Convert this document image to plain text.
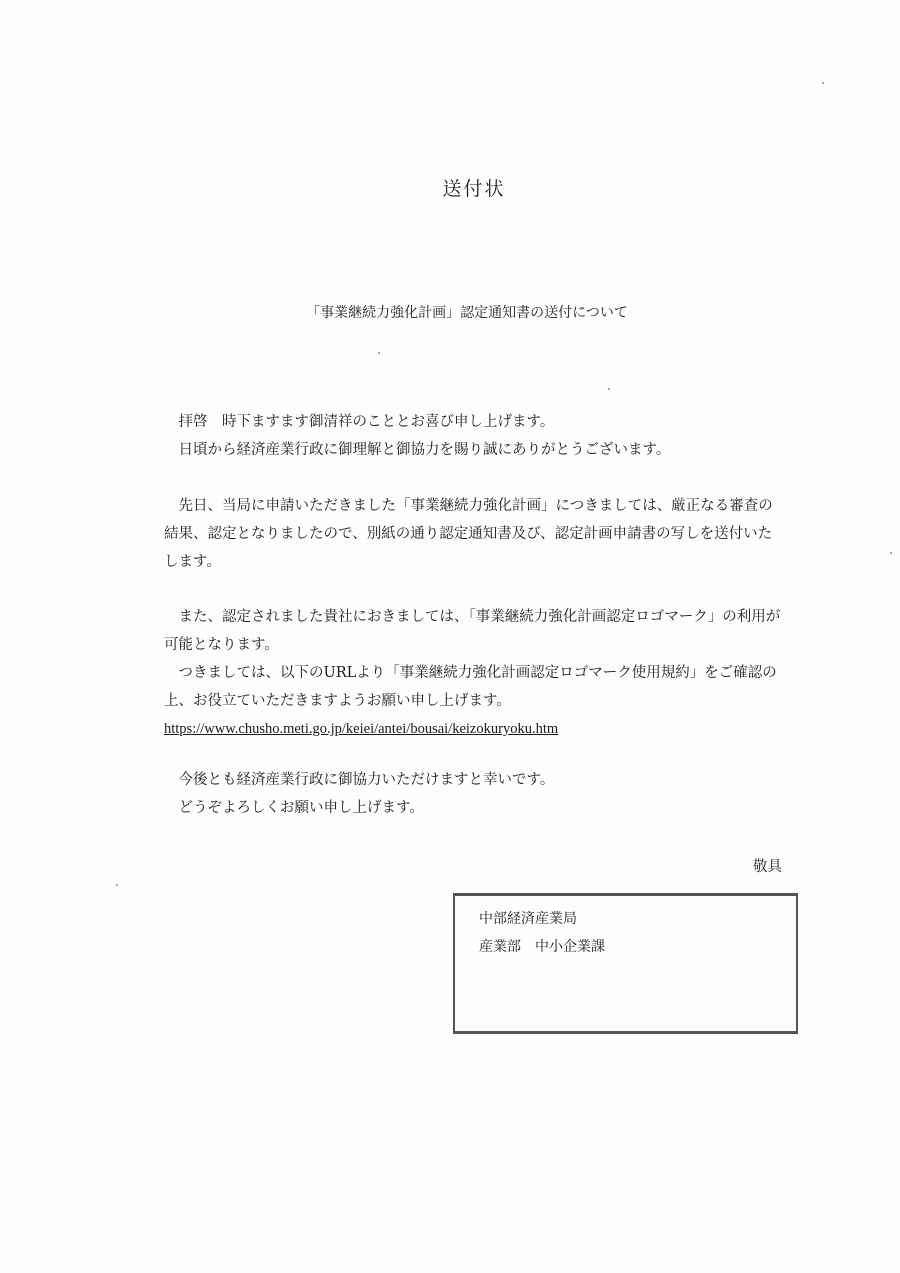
送付状
「事業継続力強化計画」認定通知書の送付について

拝啓　時下ますます御清祥のこととお喜び申し上げます。

日頃から経済産業行政に御理解と御協力を賜り誠にありがとうございます。

先日、当局に申請いただきました「事業継続力強化計画」につきましては、厳正なる審査の結果、認定となりましたので、別紙の通り認定通知書及び、認定計画申請書の写しを送付いたします。

また、認定されました貴社におきましては、「事業継続力強化計画認定ロゴマーク」の利用が可能となります。

つきましては、以下のURLより「事業継続力強化計画認定ロゴマーク使用規約」をご確認の上、お役立ていただきますようお願い申し上げます。

https://www.chusho.meti.go.jp/keiei/antei/bousai/keizokuryoku.htm

今後とも経済産業行政に御協力いただけますと幸いです。

どうぞよろしくお願い申し上げます。

敬具
中部経済産業局
産業部　中小企業課
